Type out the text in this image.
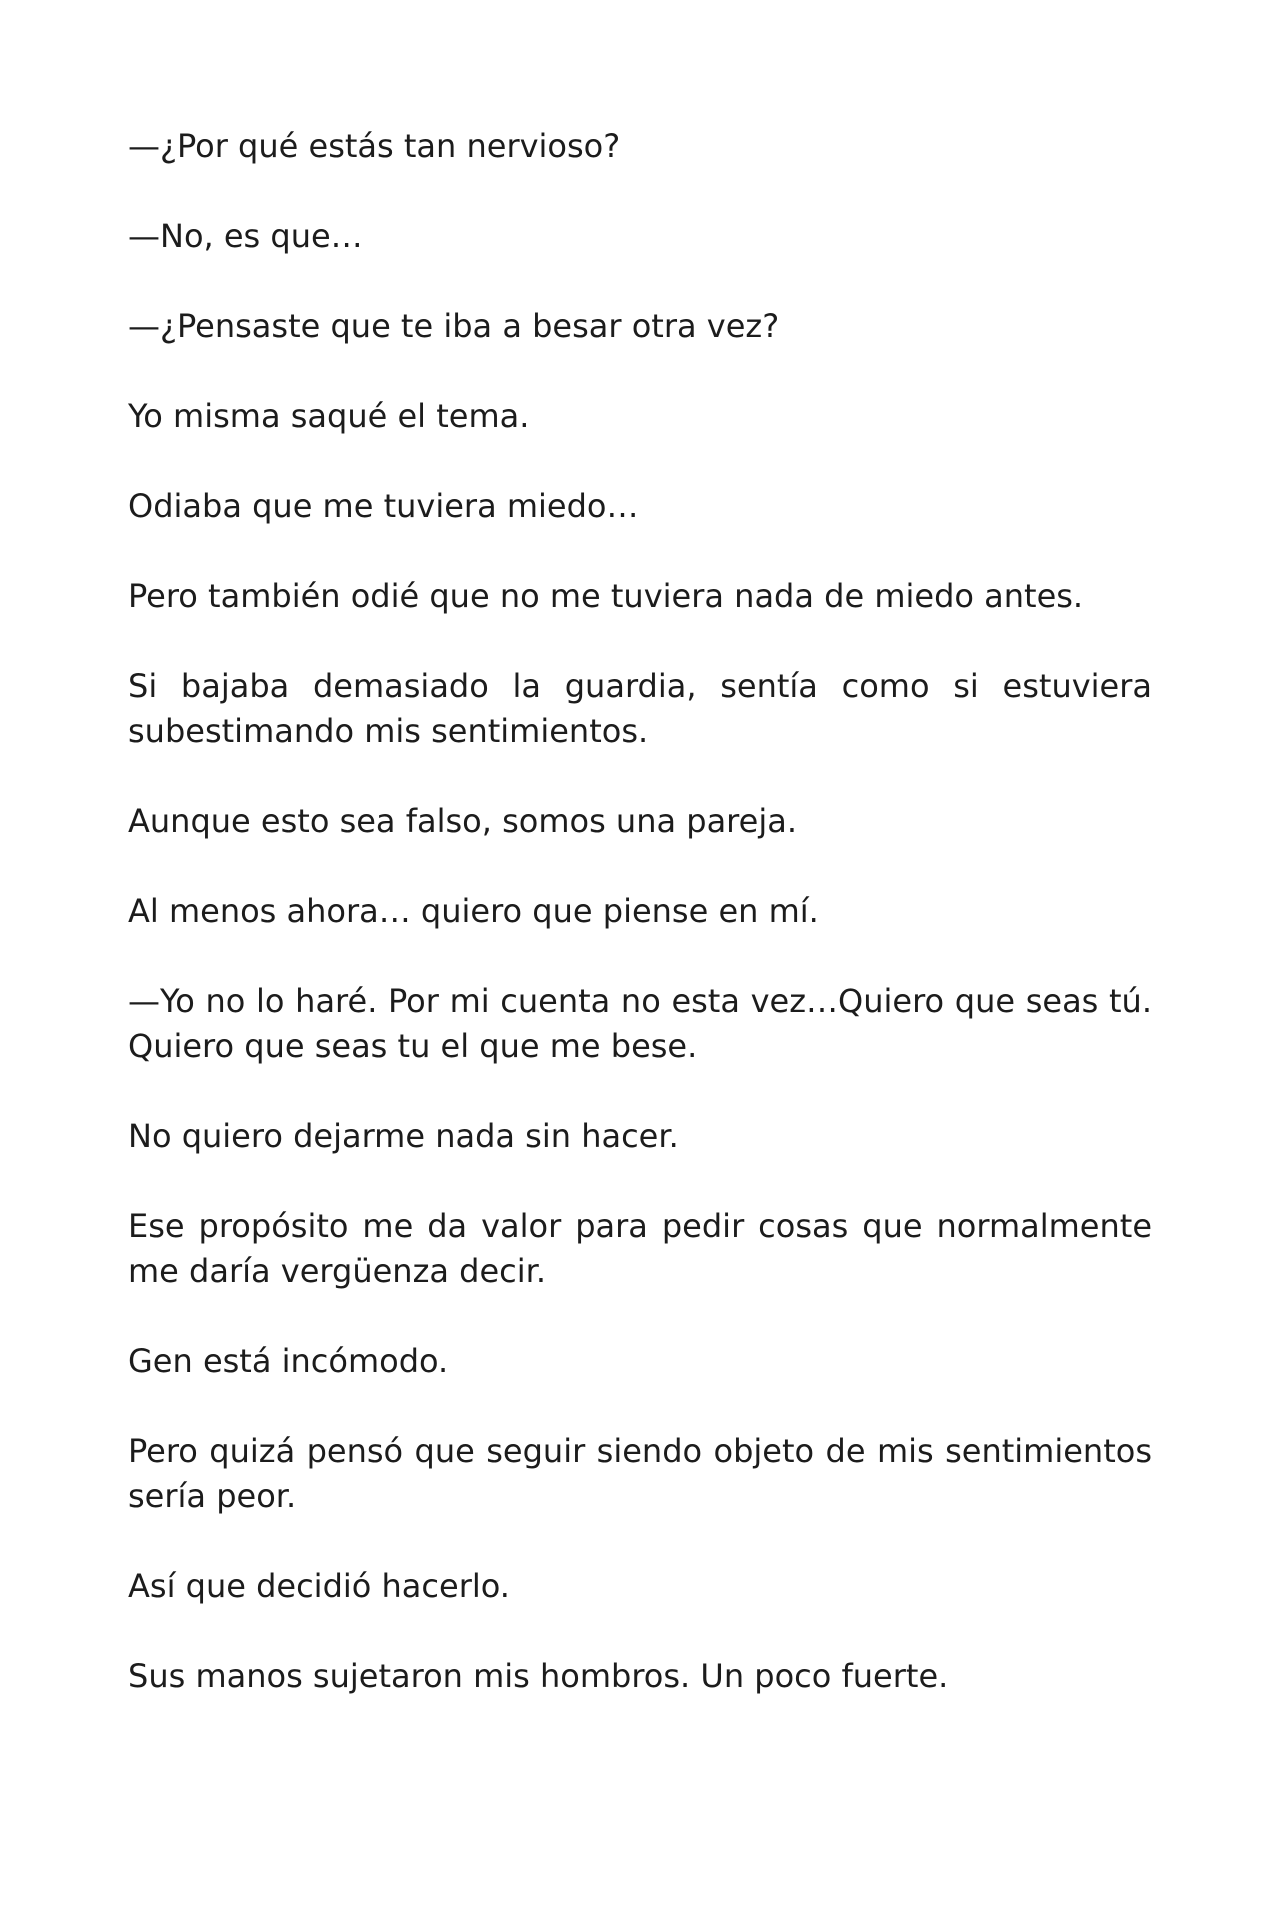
—¿Por qué estás tan nervioso?

—No, es que…

—¿Pensaste que te iba a besar otra vez?

Yo misma saqué el tema.

Odiaba que me tuviera miedo…

Pero también odié que no me tuviera nada de miedo antes.

Si bajaba demasiado la guardia, sentía como si estuviera subestimando mis sentimientos.

Aunque esto sea falso, somos una pareja.

Al menos ahora… quiero que piense en mí.

—Yo no lo haré. Por mi cuenta no esta vez…Quiero que seas tú. Quiero que seas tu el que me bese.

No quiero dejarme nada sin hacer.

Ese propósito me da valor para pedir cosas que normalmente me daría vergüenza decir.

Gen está incómodo.

Pero quizá pensó que seguir siendo objeto de mis sentimientos sería peor.

Así que decidió hacerlo.

Sus manos sujetaron mis hombros. Un poco fuerte.
